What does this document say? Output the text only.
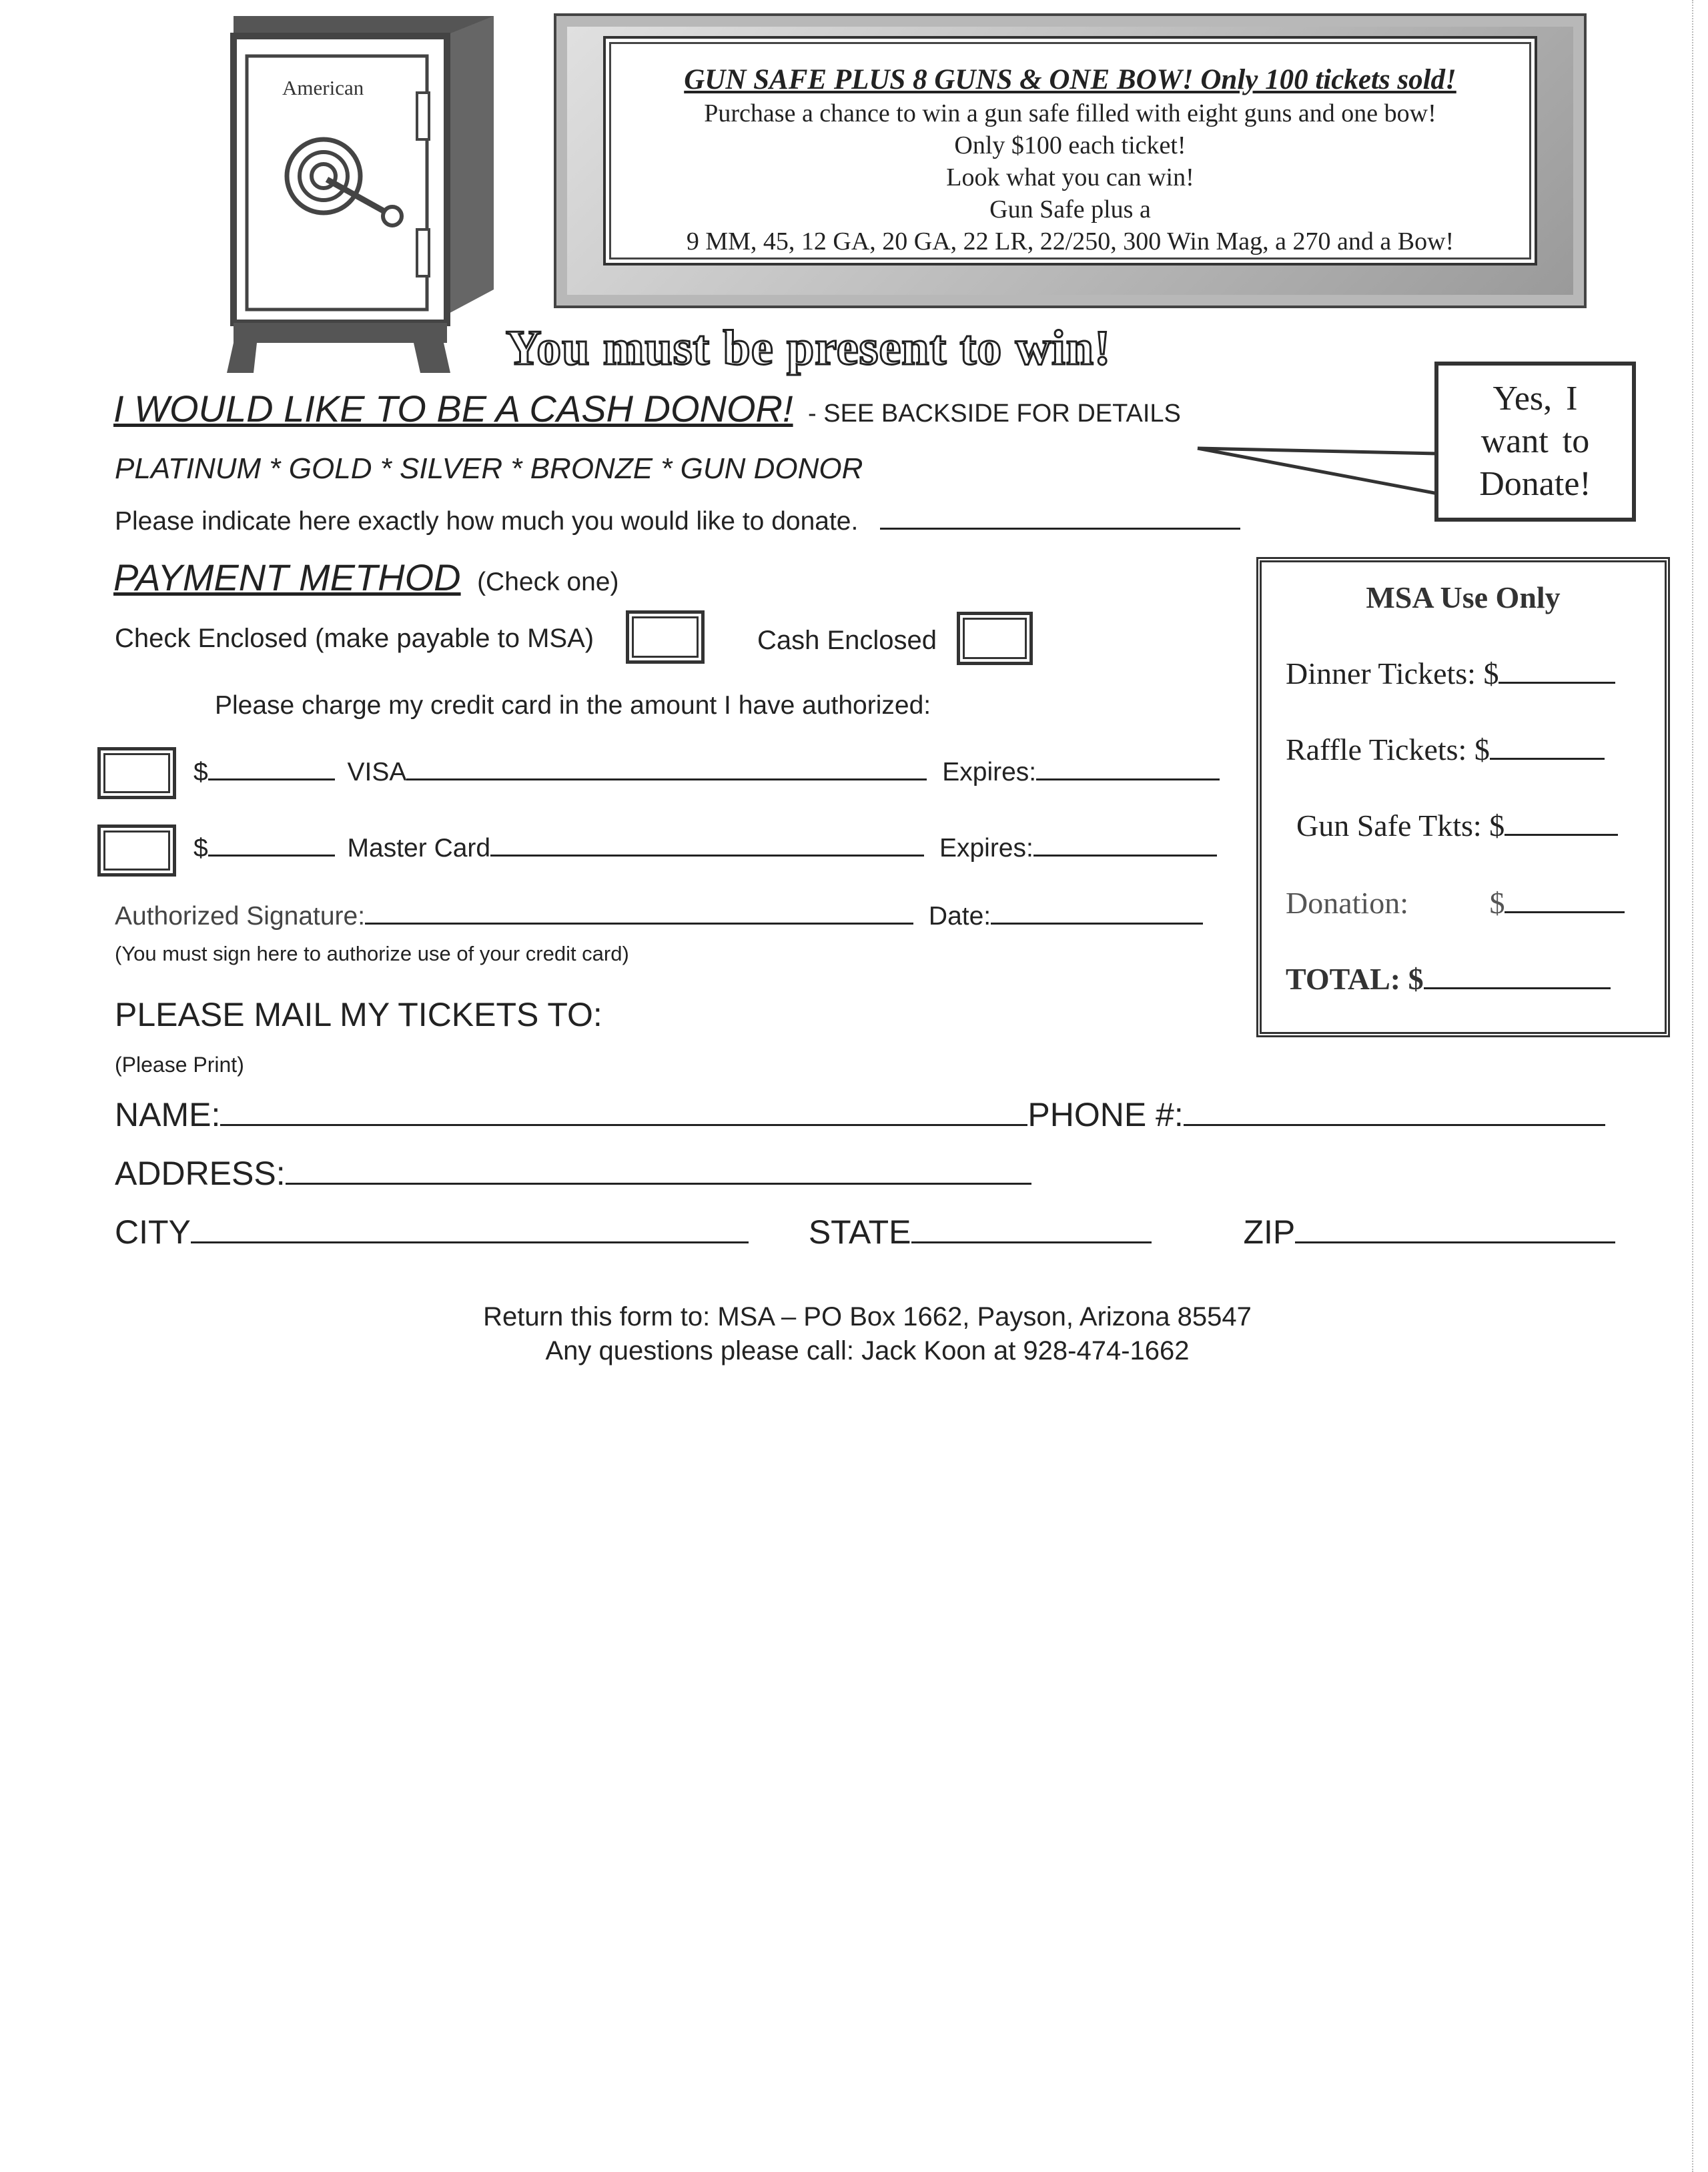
American	GUN SAFE PLUS 8 GUNS & ONE BOW! Only 100 tickets sold!
Purchase a chance to win a gun safe filled with eight guns and one bow!
Only $100 each ticket!
Look what you can win!
Gun Safe plus a
9 MM, 45, 12 GA, 20 GA, 22 LR, 22/250, 300 Win Mag, a 270 and a Bow!
You must be present to win!
I WOULD LIKE TO BE A CASH DONOR! - SEE BACKSIDE FOR DETAILS
PLATINUM * GOLD * SILVER * BRONZE * GUN DONOR
Please indicate here exactly how much you would like to donate.
Yes, I want to Donate!
PAYMENT METHOD (Check one)
Check Enclosed (make payable to MSA)	Cash Enclosed
Please charge my credit card in the amount I have authorized:
$	VISA	Expires:
$	Master Card	Expires:
Authorized Signature:	Date:
(You must sign here to authorize use of your credit card)
MSA Use Only
Dinner Tickets: $
Raffle Tickets: $
Gun Safe Tkts: $
Donation:	$
TOTAL: $
PLEASE MAIL MY TICKETS TO:
(Please Print)
NAME:	PHONE #:
ADDRESS:
CITY	STATE	ZIP
Return this form to: MSA – PO Box 1662, Payson, Arizona 85547
Any questions please call: Jack Koon at 928-474-1662
